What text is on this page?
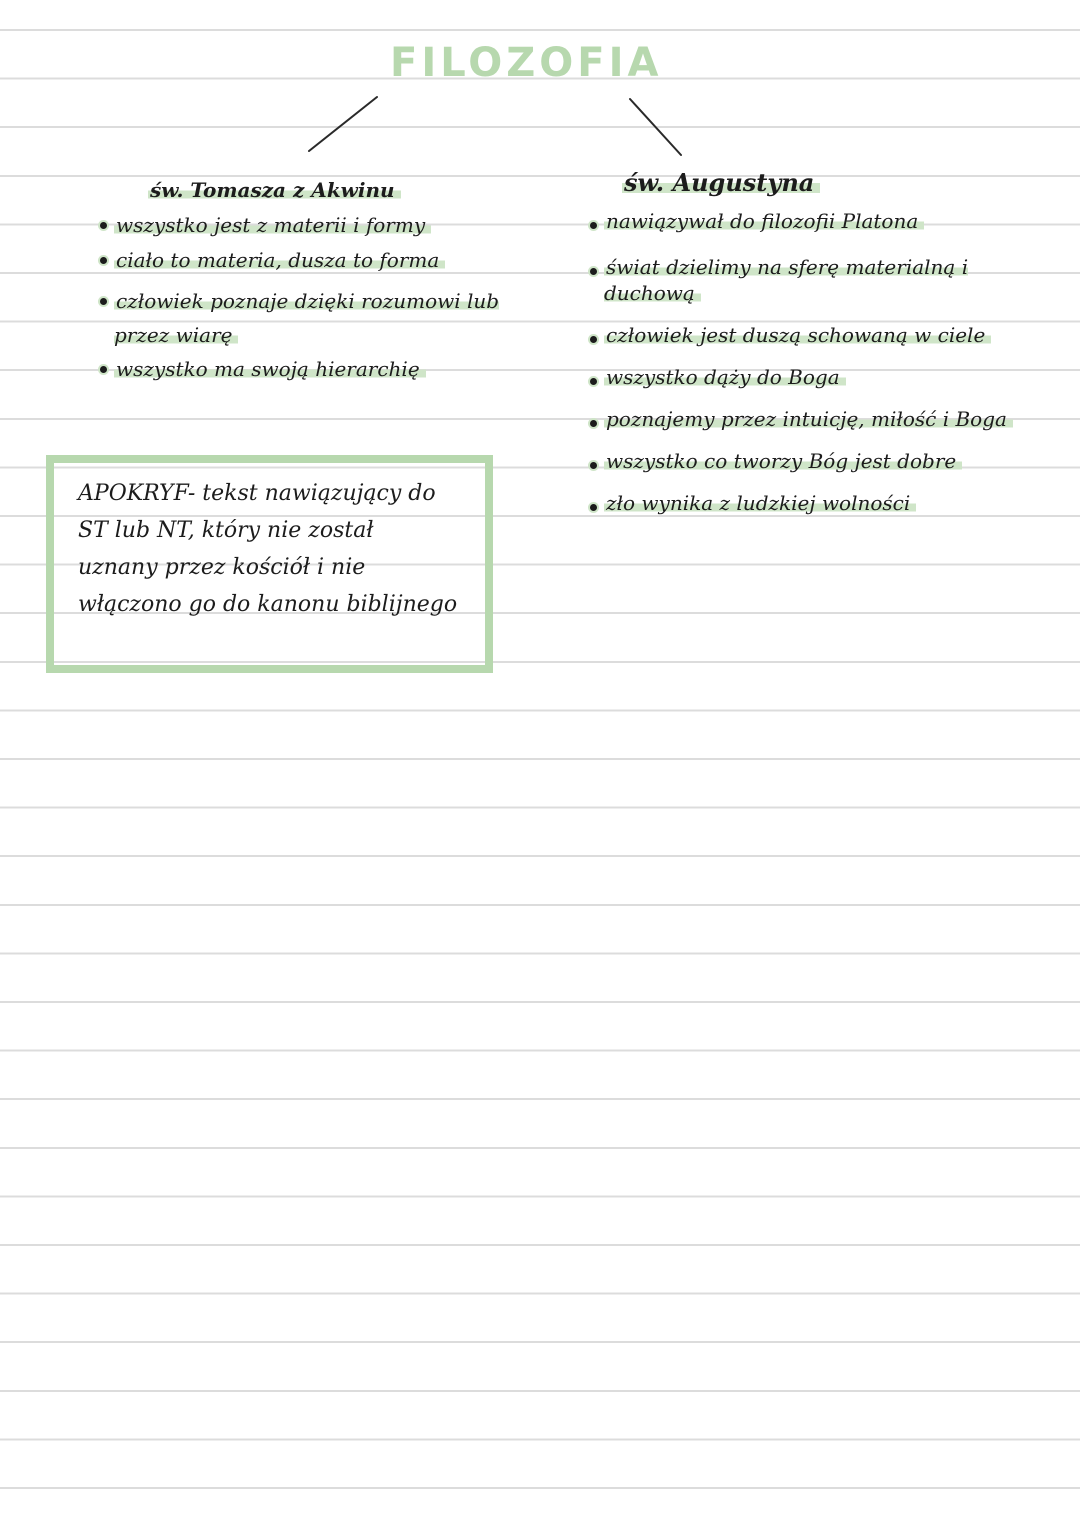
FILOZOFIA
św. Tomasza z Akwinu
wszystko jest z materii i formy
ciało to materia, dusza to forma
człowiek poznaje dzięki rozumowi lub przez wiarę
wszystko ma swoją hierarchię
św. Augustyna
nawiązywał do filozofii Platona
świat dzielimy na sferę materialną i duchową
człowiek jest duszą schowaną w ciele
wszystko dąży do Boga
poznajemy przez intuicję, miłość i Boga
wszystko co tworzy Bóg jest dobre
zło wynika z ludzkiej wolności

APOKRYF- tekst nawiązujący do ST lub NT, który nie został uznany przez kościół i nie włączono go do kanonu biblijnego
